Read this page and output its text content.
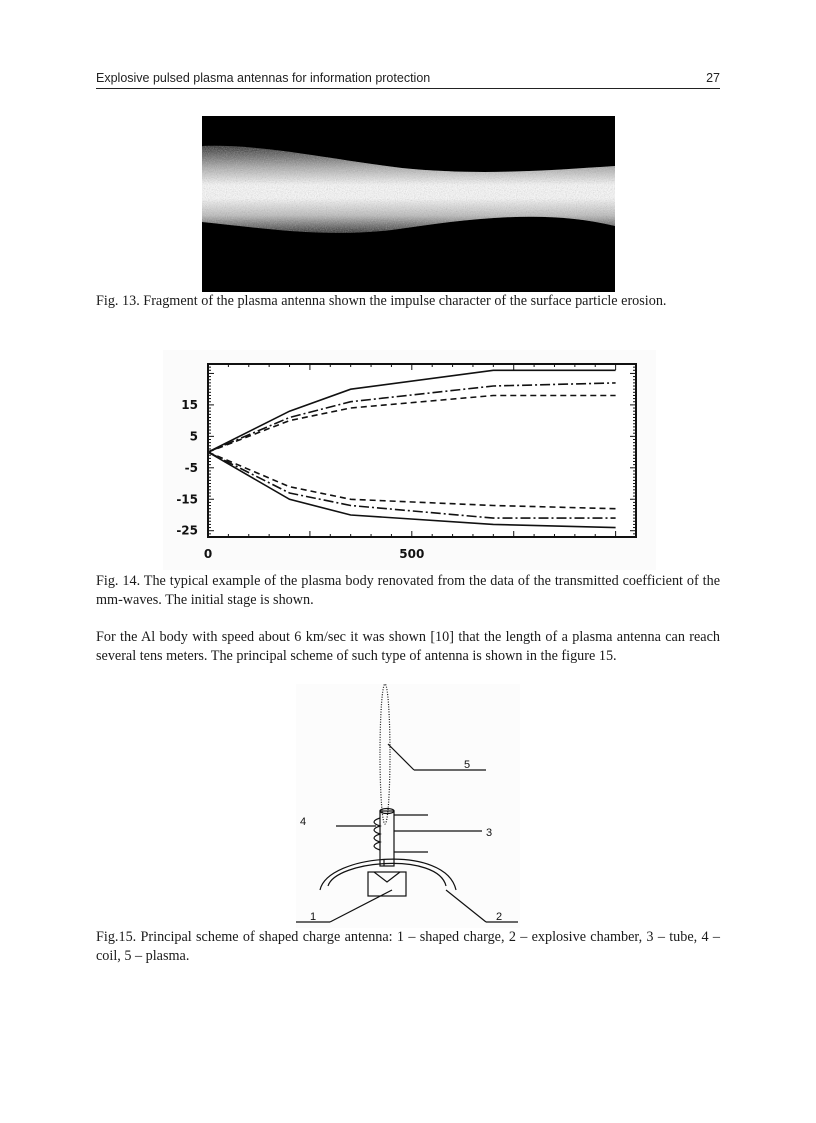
Explosive pulsed plasma antennas for information protection	27

Fig. 13. Fragment of the plasma antenna shown the impulse character of the surface particle erosion.

15
5
-5
-15
-25
0	500

Fig. 14. The typical example of the plasma body renovated from the data of the transmitted coefficient of the mm-waves. The initial stage is shown.

For the Al body with speed about 6 km/sec it was shown [10] that the length of a plasma antenna can reach several tens meters. The principal scheme of such type of antenna is shown in the figure 15.

5
4
3
1	2

Fig.15. Principal scheme of shaped charge antenna: 1 – shaped charge, 2 – explosive chamber, 3 – tube, 4 – coil, 5 – plasma.
